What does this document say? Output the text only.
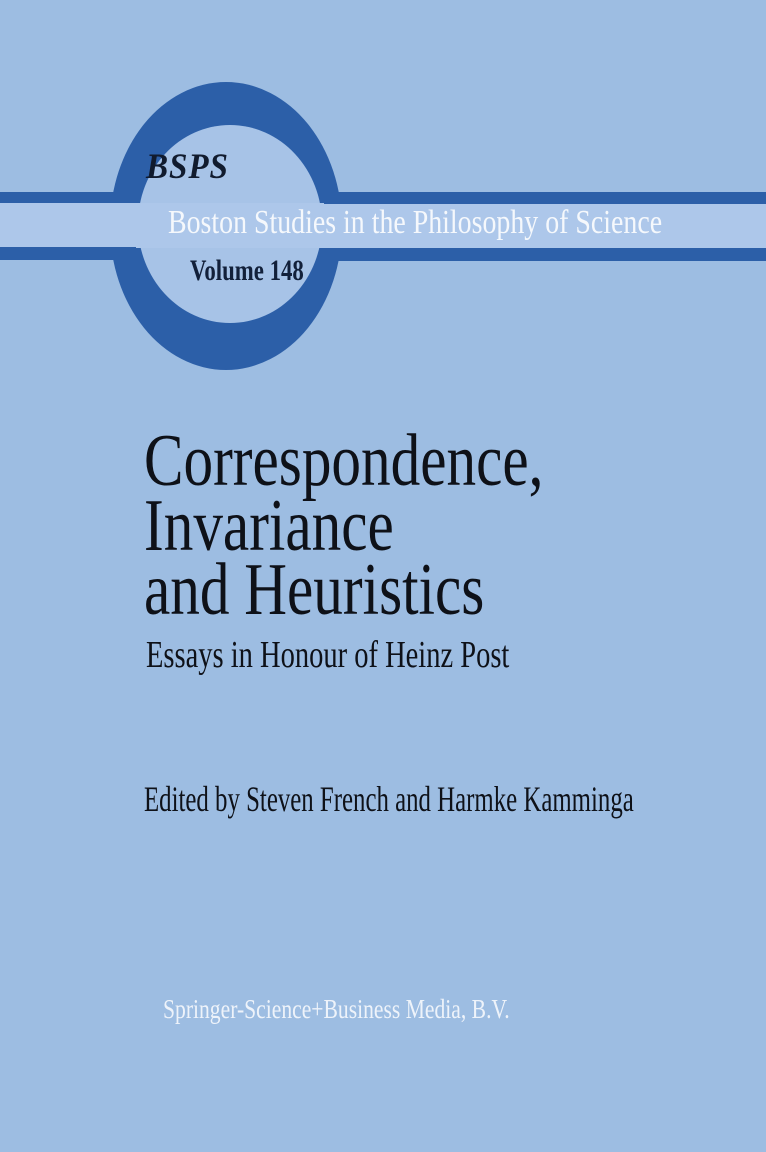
BSPS
Boston Studies in the Philosophy of Science
Volume 148
Correspondence,
Invariance
and Heuristics
Essays in Honour of Heinz Post
Edited by Steven French and Harmke Kamminga
Springer-Science+Business Media, B.V.
